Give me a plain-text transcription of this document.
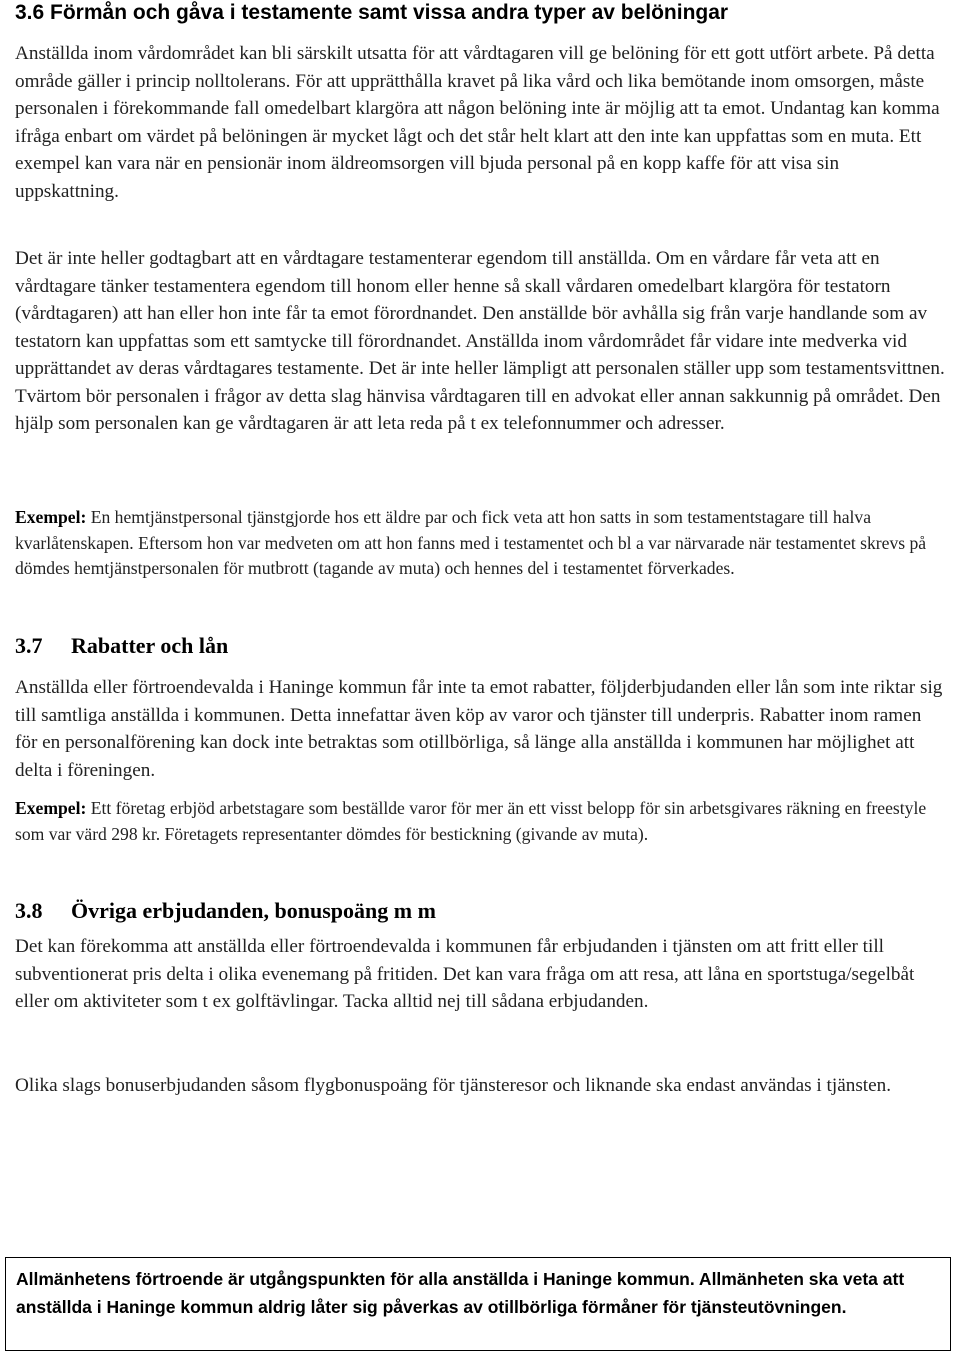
3.6 Förmån och gåva i testamente samt vissa andra typer av belöningar

Anställda inom vårdområdet kan bli särskilt utsatta för att vårdtagaren vill ge belöning för ett gott utfört arbete. På detta område gäller i princip nolltolerans. För att upprätthålla kravet på lika vård och lika bemötande inom omsorgen, måste personalen i förekommande fall omedelbart klargöra att någon belöning inte är möjlig att ta emot. Undantag kan komma ifråga enbart om värdet på belöningen är mycket lågt och det står helt klart att den inte kan uppfattas som en muta. Ett exempel kan vara när en pensionär inom äldreomsorgen vill bjuda personal på en kopp kaffe för att visa sin uppskattning.

Det är inte heller godtagbart att en vårdtagare testamenterar egendom till anställda. Om en vårdare får veta att en vårdtagare tänker testamentera egendom till honom eller henne så skall vårdaren omedelbart klargöra för testatorn (vårdtagaren) att han eller hon inte får ta emot förordnandet. Den anställde bör avhålla sig från varje handlande som av testatorn kan uppfattas som ett samtycke till förordnandet. Anställda inom vårdområdet får vidare inte medverka vid upprättandet av deras vårdtagares testamente. Det är inte heller lämpligt att personalen ställer upp som testamentsvittnen. Tvärtom bör personalen i frågor av detta slag hänvisa vårdtagaren till en advokat eller annan sakkunnig på området. Den hjälp som personalen kan ge vårdtagaren är att leta reda på t ex telefonnummer och adresser.

Exempel: En hemtjänstpersonal tjänstgjorde hos ett äldre par och fick veta att hon satts in som testamentstagare till halva kvarlåtenskapen. Eftersom hon var medveten om att hon fanns med i testamentet och bl a var närvarade när testamentet skrevs på dömdes hemtjänstpersonalen för mutbrott (tagande av muta) och hennes del i testamentet förverkades.

3.7 Rabatter och lån

Anställda eller förtroendevalda i Haninge kommun får inte ta emot rabatter, följderbjudanden eller lån som inte riktar sig till samtliga anställda i kommunen. Detta innefattar även köp av varor och tjänster till underpris. Rabatter inom ramen för en personalförening kan dock inte betraktas som otillbörliga, så länge alla anställda i kommunen har möjlighet att delta i föreningen.

Exempel: Ett företag erbjöd arbetstagare som beställde varor för mer än ett visst belopp för sin arbetsgivares räkning en freestyle som var värd 298 kr. Företagets representanter dömdes för bestickning (givande av muta).

3.8 Övriga erbjudanden, bonuspoäng m m

Det kan förekomma att anställda eller förtroendevalda i kommunen får erbjudanden i tjänsten om att fritt eller till subventionerat pris delta i olika evenemang på fritiden. Det kan vara fråga om att resa, att låna en sportstuga/segelbåt eller om aktiviteter som t ex golftävlingar. Tacka alltid nej till sådana erbjudanden.

Olika slags bonuserbjudanden såsom flygbonuspoäng för tjänsteresor och liknande ska endast användas i tjänsten.

Allmänhetens förtroende är utgångspunkten för alla anställda i Haninge kommun. Allmänheten ska veta att anställda i Haninge kommun aldrig låter sig påverkas av otillbörliga förmåner för tjänsteutövningen.
